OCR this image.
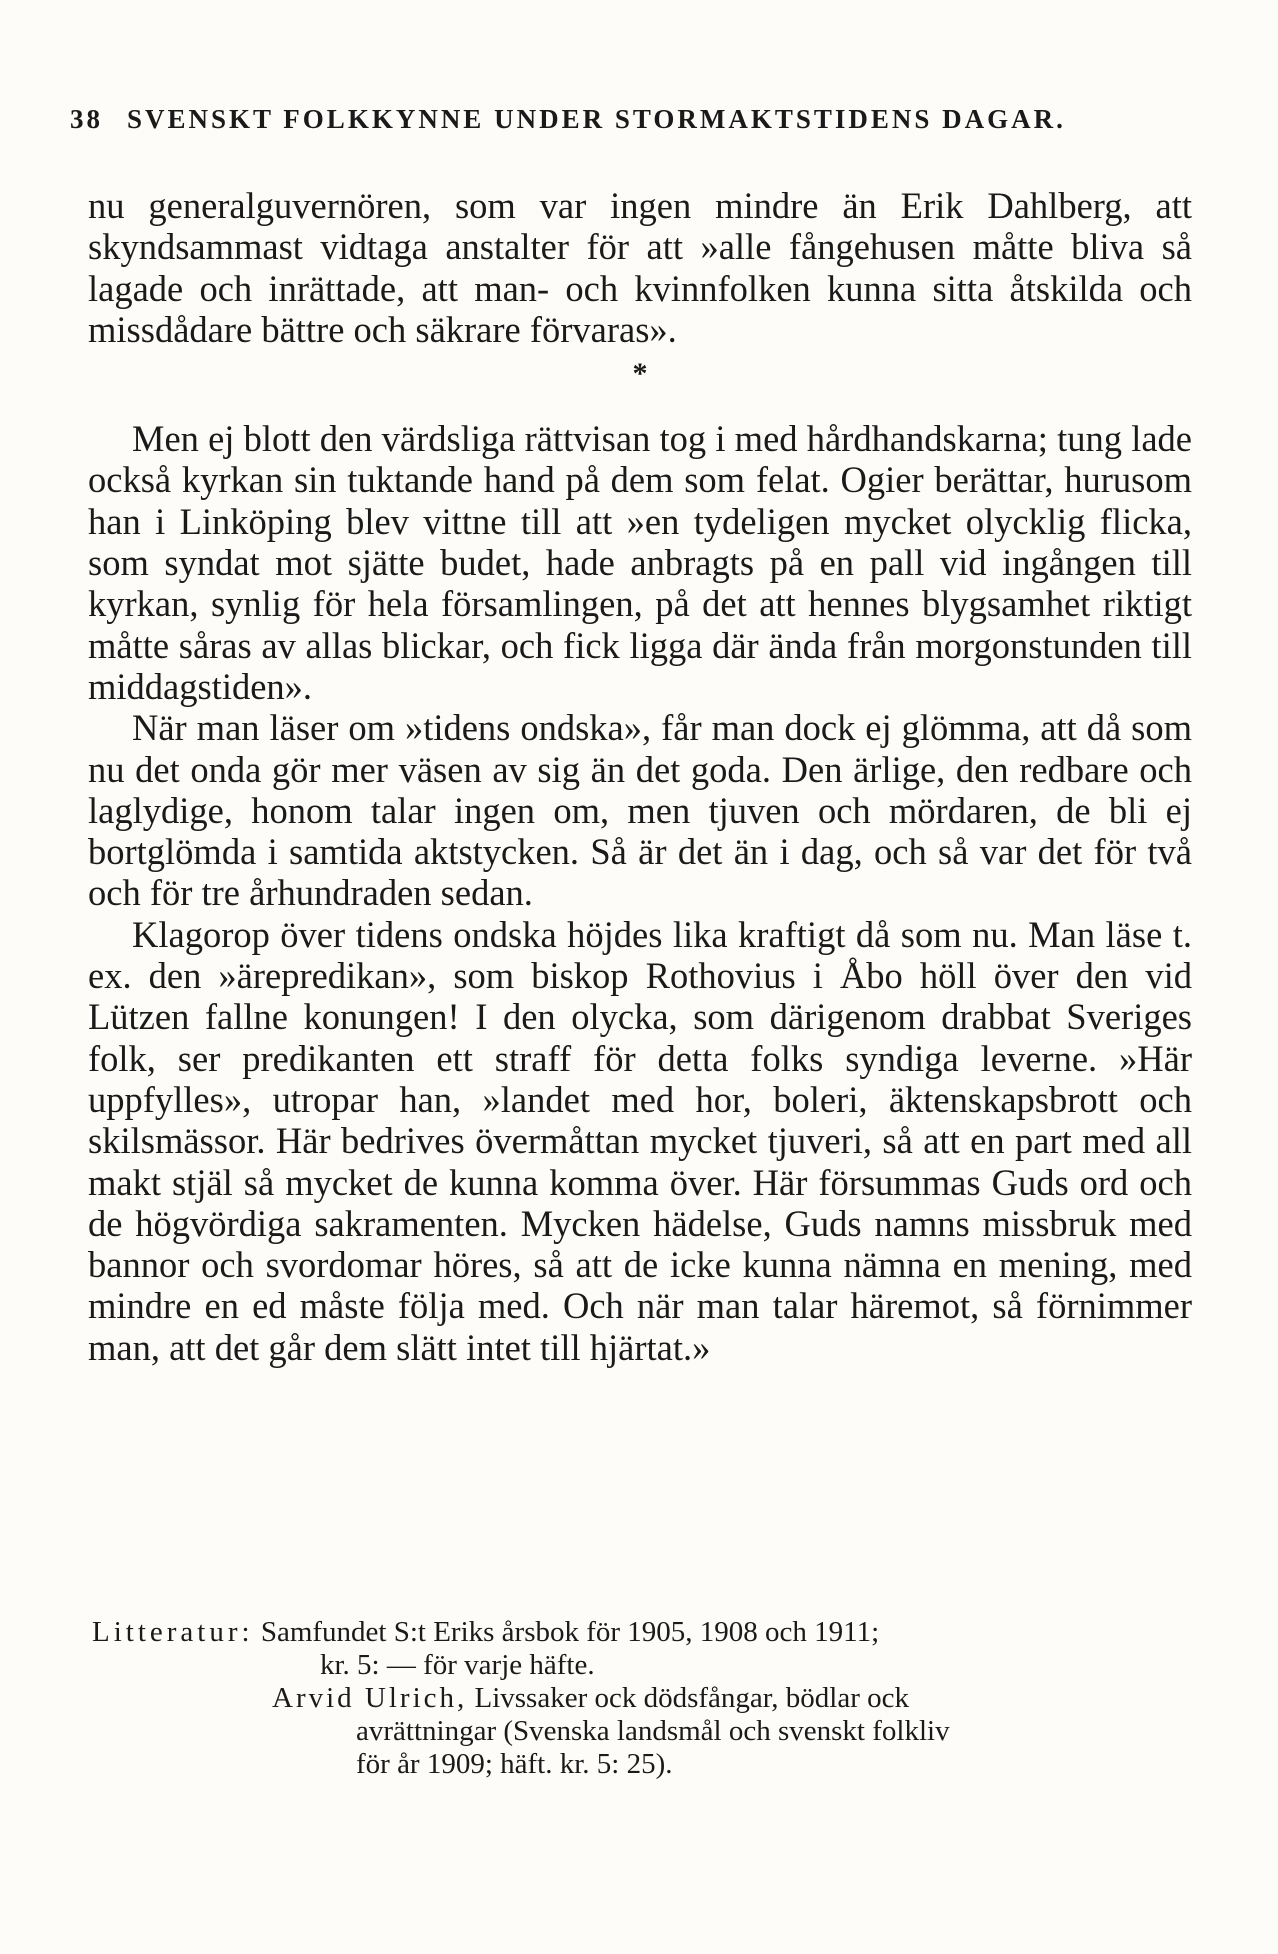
38 SVENSKT FOLKKYNNE UNDER STORMAKTSTIDENS DAGAR.

nu generalguvernören, som var ingen mindre än Erik Dahlberg, att skyndsammast vidtaga anstalter för att »alle fångehusen måtte bliva så lagade och inrättade, att man- och kvinnfolken kunna sitta åtskilda och missdådare bättre och säkrare förvaras».

*

Men ej blott den värdsliga rättvisan tog i med hårdhandskarna; tung lade också kyrkan sin tuktande hand på dem som felat. Ogier berättar, hurusom han i Linköping blev vittne till att »en tydeligen mycket olycklig flicka, som syndat mot sjätte budet, hade anbragts på en pall vid ingången till kyrkan, synlig för hela församlingen, på det att hennes blygsamhet riktigt måtte såras av allas blickar, och fick ligga där ända från morgonstunden till middagstiden».

När man läser om »tidens ondska», får man dock ej glömma, att då som nu det onda gör mer väsen av sig än det goda. Den ärlige, den redbare och laglydige, honom talar ingen om, men tjuven och mördaren, de bli ej bortglömda i samtida aktstycken. Så är det än i dag, och så var det för två och för tre århundraden sedan.

Klagorop över tidens ondska höjdes lika kraftigt då som nu. Man läse t. ex. den »ärepredikan», som biskop Rothovius i Åbo höll över den vid Lützen fallne konungen! I den olycka, som därigenom drabbat Sveriges folk, ser predikanten ett straff för detta folks syndiga leverne. »Här uppfylles», utropar han, »landet med hor, boleri, äktenskapsbrott och skilsmässor. Här bedrives övermåttan mycket tjuveri, så att en part med all makt stjäl så mycket de kunna komma över. Här försummas Guds ord och de högvördiga sakramenten. Mycken hädelse, Guds namns missbruk med bannor och svordomar höres, så att de icke kunna nämna en mening, med mindre en ed måste följa med. Och när man talar häremot, så förnimmer man, att det går dem slätt intet till hjärtat.»

Litteratur: Samfundet S:t Eriks årsbok för 1905, 1908 och 1911;
kr. 5: — för varje häfte.
Arvid Ulrich, Livssaker ock dödsfångar, bödlar ock
avrättningar (Svenska landsmål och svenskt folkliv
för år 1909; häft. kr. 5: 25).
